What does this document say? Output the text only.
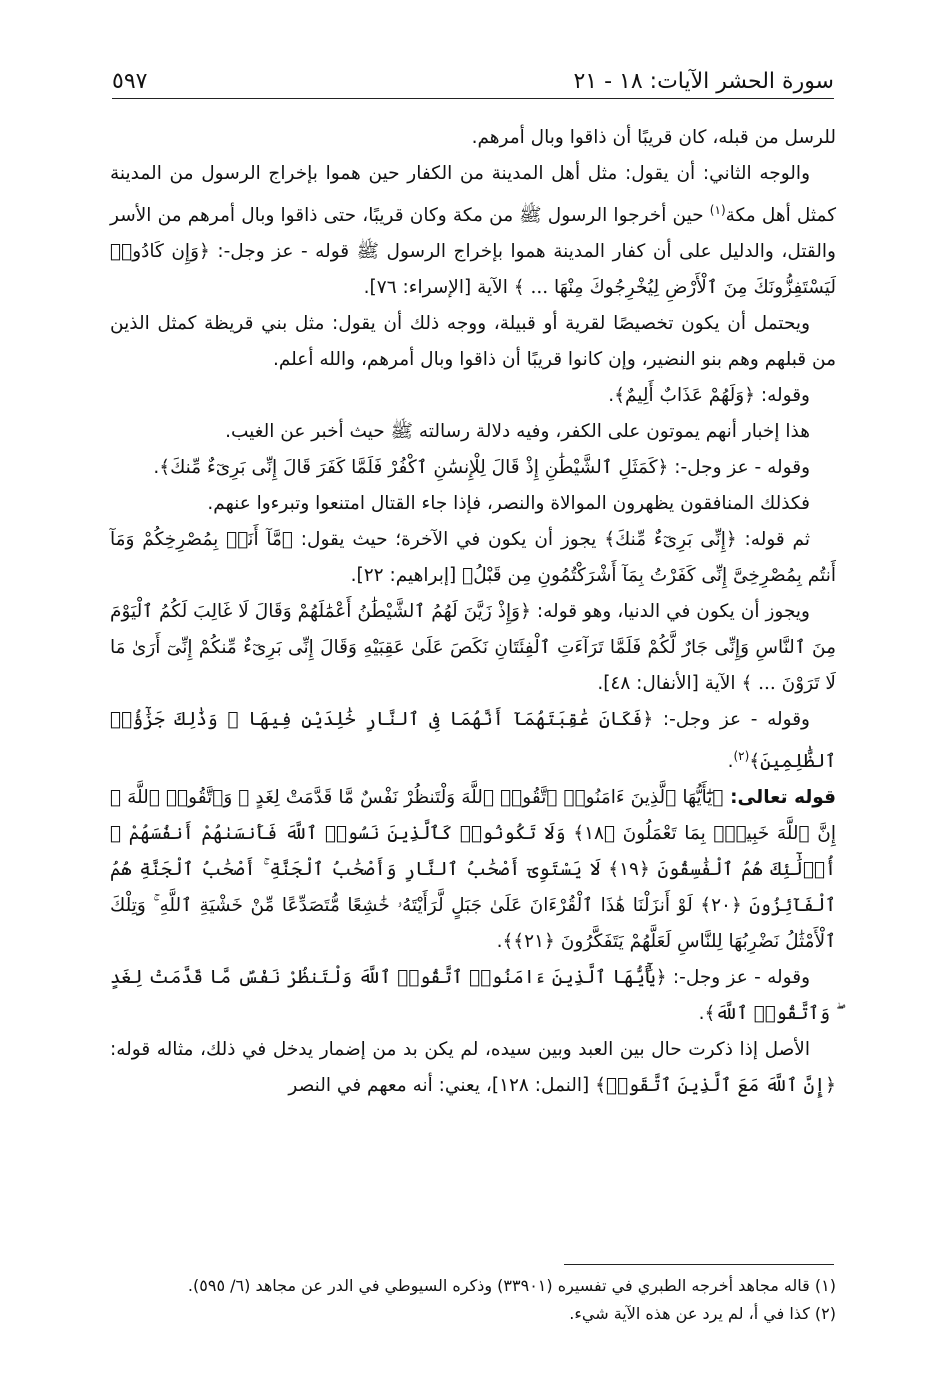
سورة الحشر الآيات: ١٨ - ٢١
٥٩٧

للرسل من قبله، كان قريبًا أن ذاقوا وبال أمرهم.

والوجه الثاني: أن يقول: مثل أهل المدينة من الكفار حين هموا بإخراج الرسول من المدينة كمثل أهل مكة$^{(١)}$ حين أخرجوا الرسول ﷺ من مكة وكان قريبًا، حتى ذاقوا وبال أمرهم من الأسر والقتل، والدليل على أن كفار المدينة هموا بإخراج الرسول ﷺ قوله - عز وجل-: ﴿وَإِن كَادُوا۟ لَيَسْتَفِزُّونَكَ مِنَ ٱلْأَرْضِ لِيُخْرِجُوكَ مِنْهَا ... ﴾ الآية [الإسراء: ٧٦].

ويحتمل أن يكون تخصيصًا لقرية أو قبيلة، ووجه ذلك أن يقول: مثل بني قريظة كمثل الذين من قبلهم وهم بنو النضير، وإن كانوا قريبًا أن ذاقوا وبال أمرهم، والله أعلم.

وقوله: ﴿وَلَهُمْ عَذَابٌ أَلِيمٌ﴾.

هذا إخبار أنهم يموتون على الكفر، وفيه دلالة رسالته ﷺ حيث أخبر عن الغيب.

وقوله - عز وجل-: ﴿كَمَثَلِ ٱلشَّيْطَٰنِ إِذْ قَالَ لِلْإِنسَٰنِ ٱكْفُرْ فَلَمَّا كَفَرَ قَالَ إِنِّى بَرِىٓءٌ مِّنكَ﴾.

فكذلك المنافقون يظهرون الموالاة والنصر، فإذا جاء القتال امتنعوا وتبرءوا عنهم.

ثم قوله: ﴿إِنِّى بَرِىٓءٌ مِّنكَ﴾ يجوز أن يكون في الآخرة؛ حيث يقول: ﴿مَّآ أَنَا۠ بِمُصْرِخِكُمْ وَمَآ أَنتُم بِمُصْرِخِىَّ إِنِّى كَفَرْتُ بِمَآ أَشْرَكْتُمُونِ مِن قَبْلُ﴾ [إبراهيم: ٢٢].

ويجوز أن يكون في الدنيا، وهو قوله: ﴿وَإِذْ زَيَّنَ لَهُمُ ٱلشَّيْطَٰنُ أَعْمَٰلَهُمْ وَقَالَ لَا غَالِبَ لَكُمُ ٱلْيَوْمَ مِنَ ٱلنَّاسِ وَإِنِّى جَارٌ لَّكُمْ فَلَمَّا تَرَآءَتِ ٱلْفِئَتَانِ نَكَصَ عَلَىٰ عَقِبَيْهِ وَقَالَ إِنِّى بَرِىٓءٌ مِّنكُمْ إِنِّىٓ أَرَىٰ مَا لَا تَرَوْنَ ... ﴾ الآية [الأنفال: ٤٨].

وقوله - عز وجل-: ﴿فَكَانَ عَٰقِبَتَهُمَآ أَنَّهُمَا فِى ٱلنَّارِ خَٰلِدَيْنِ فِيهَا ۚ وَذَٰلِكَ جَزَٰٓؤُا۟ ٱلظَّٰلِمِينَ﴾$^{(٢)}$.

قوله تعالى: ﴿يَٰٓأَيُّهَا ٱلَّذِينَ ءَامَنُوا۟ ٱتَّقُوا۟ ٱللَّهَ وَلْتَنظُرْ نَفْسٌ مَّا قَدَّمَتْ لِغَدٍ ۖ وَٱتَّقُوا۟ ٱللَّهَ ۚ إِنَّ ٱللَّهَ خَبِيرٌۢ بِمَا تَعْمَلُونَ ﴿١٨﴾ وَلَا تَكُونُوا۟ كَٱلَّذِينَ نَسُوا۟ ٱللَّهَ فَأَنسَىٰهُمْ أَنفُسَهُمْ ۚ أُو۟لَٰٓئِكَ هُمُ ٱلْفَٰسِقُونَ ﴿١٩﴾ لَا يَسْتَوِىٓ أَصْحَٰبُ ٱلنَّارِ وَأَصْحَٰبُ ٱلْجَنَّةِ ۚ أَصْحَٰبُ ٱلْجَنَّةِ هُمُ ٱلْفَآئِزُونَ ﴿٢٠﴾ لَوْ أَنزَلْنَا هَٰذَا ٱلْقُرْءَانَ عَلَىٰ جَبَلٍ لَّرَأَيْتَهُۥ خَٰشِعًا مُّتَصَدِّعًا مِّنْ خَشْيَةِ ٱللَّهِ ۚ وَتِلْكَ ٱلْأَمْثَٰلُ نَضْرِبُهَا لِلنَّاسِ لَعَلَّهُمْ يَتَفَكَّرُونَ ﴿٢١﴾﴾.

وقوله - عز وجل-: ﴿يَٰٓأَيُّهَا ٱلَّذِينَ ءَامَنُوا۟ ٱتَّقُوا۟ ٱللَّهَ وَلْتَنظُرْ نَفْسٌ مَّا قَدَّمَتْ لِغَدٍ ۖ وَٱتَّقُوا۟ ٱللَّهَ﴾.

الأصل إذا ذكرت حال بين العبد وبين سيده، لم يكن بد من إضمار يدخل في ذلك، مثاله قوله: ﴿إِنَّ ٱللَّهَ مَعَ ٱلَّذِينَ ٱتَّقَوا۟﴾ [النمل: ١٢٨]، يعني: أنه معهم في النصر

(١) قاله مجاهد أخرجه الطبري في تفسيره (٣٣٩٠١) وذكره السيوطي في الدر عن مجاهد (٦/ ٥٩٥).

(٢) كذا في أ، لم يرد عن هذه الآية شيء.
